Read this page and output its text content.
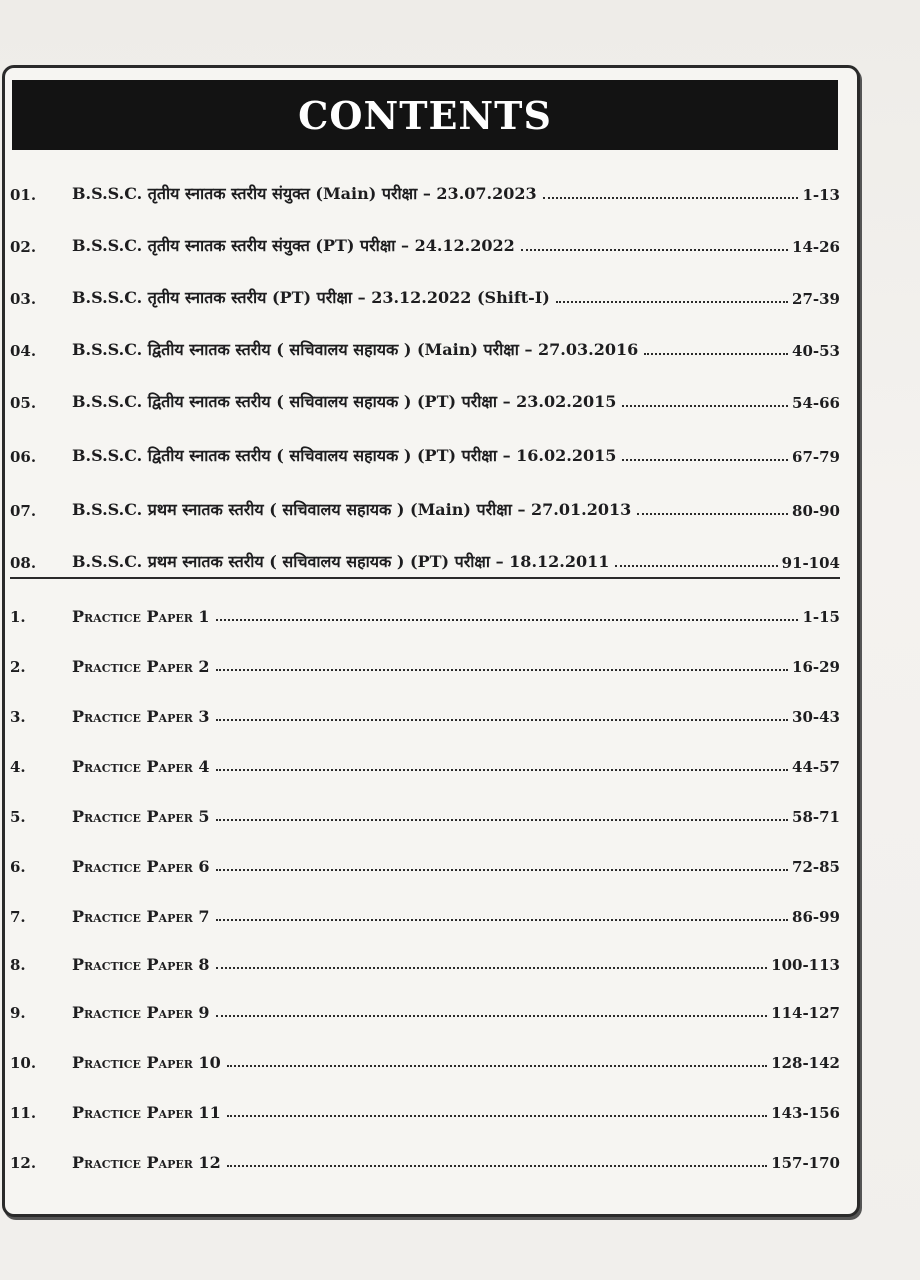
CONTENTS
01.	B.S.S.C. तृतीय स्नातक स्तरीय संयुक्त (Main) परीक्षा – 23.07.2023	1-13
02.	B.S.S.C. तृतीय स्नातक स्तरीय संयुक्त (PT) परीक्षा – 24.12.2022	14-26
03.	B.S.S.C. तृतीय स्नातक स्तरीय (PT) परीक्षा – 23.12.2022 (Shift-I)	27-39
04.	B.S.S.C. द्वितीय स्नातक स्तरीय ( सचिवालय सहायक ) (Main) परीक्षा – 27.03.2016	40-53
05.	B.S.S.C. द्वितीय स्नातक स्तरीय ( सचिवालय सहायक ) (PT) परीक्षा – 23.02.2015	54-66
06.	B.S.S.C. द्वितीय स्नातक स्तरीय ( सचिवालय सहायक ) (PT) परीक्षा – 16.02.2015	67-79
07.	B.S.S.C. प्रथम स्नातक स्तरीय ( सचिवालय सहायक ) (Main) परीक्षा – 27.01.2013	80-90
08.	B.S.S.C. प्रथम स्नातक स्तरीय ( सचिवालय सहायक ) (PT) परीक्षा – 18.12.2011	91-104
1.	Practice Paper 1	1-15
2.	Practice Paper 2	16-29
3.	Practice Paper 3	30-43
4.	Practice Paper 4	44-57
5.	Practice Paper 5	58-71
6.	Practice Paper 6	72-85
7.	Practice Paper 7	86-99
8.	Practice Paper 8	100-113
9.	Practice Paper 9	114-127
10.	Practice Paper 10	128-142
11.	Practice Paper 11	143-156
12.	Practice Paper 12	157-170
